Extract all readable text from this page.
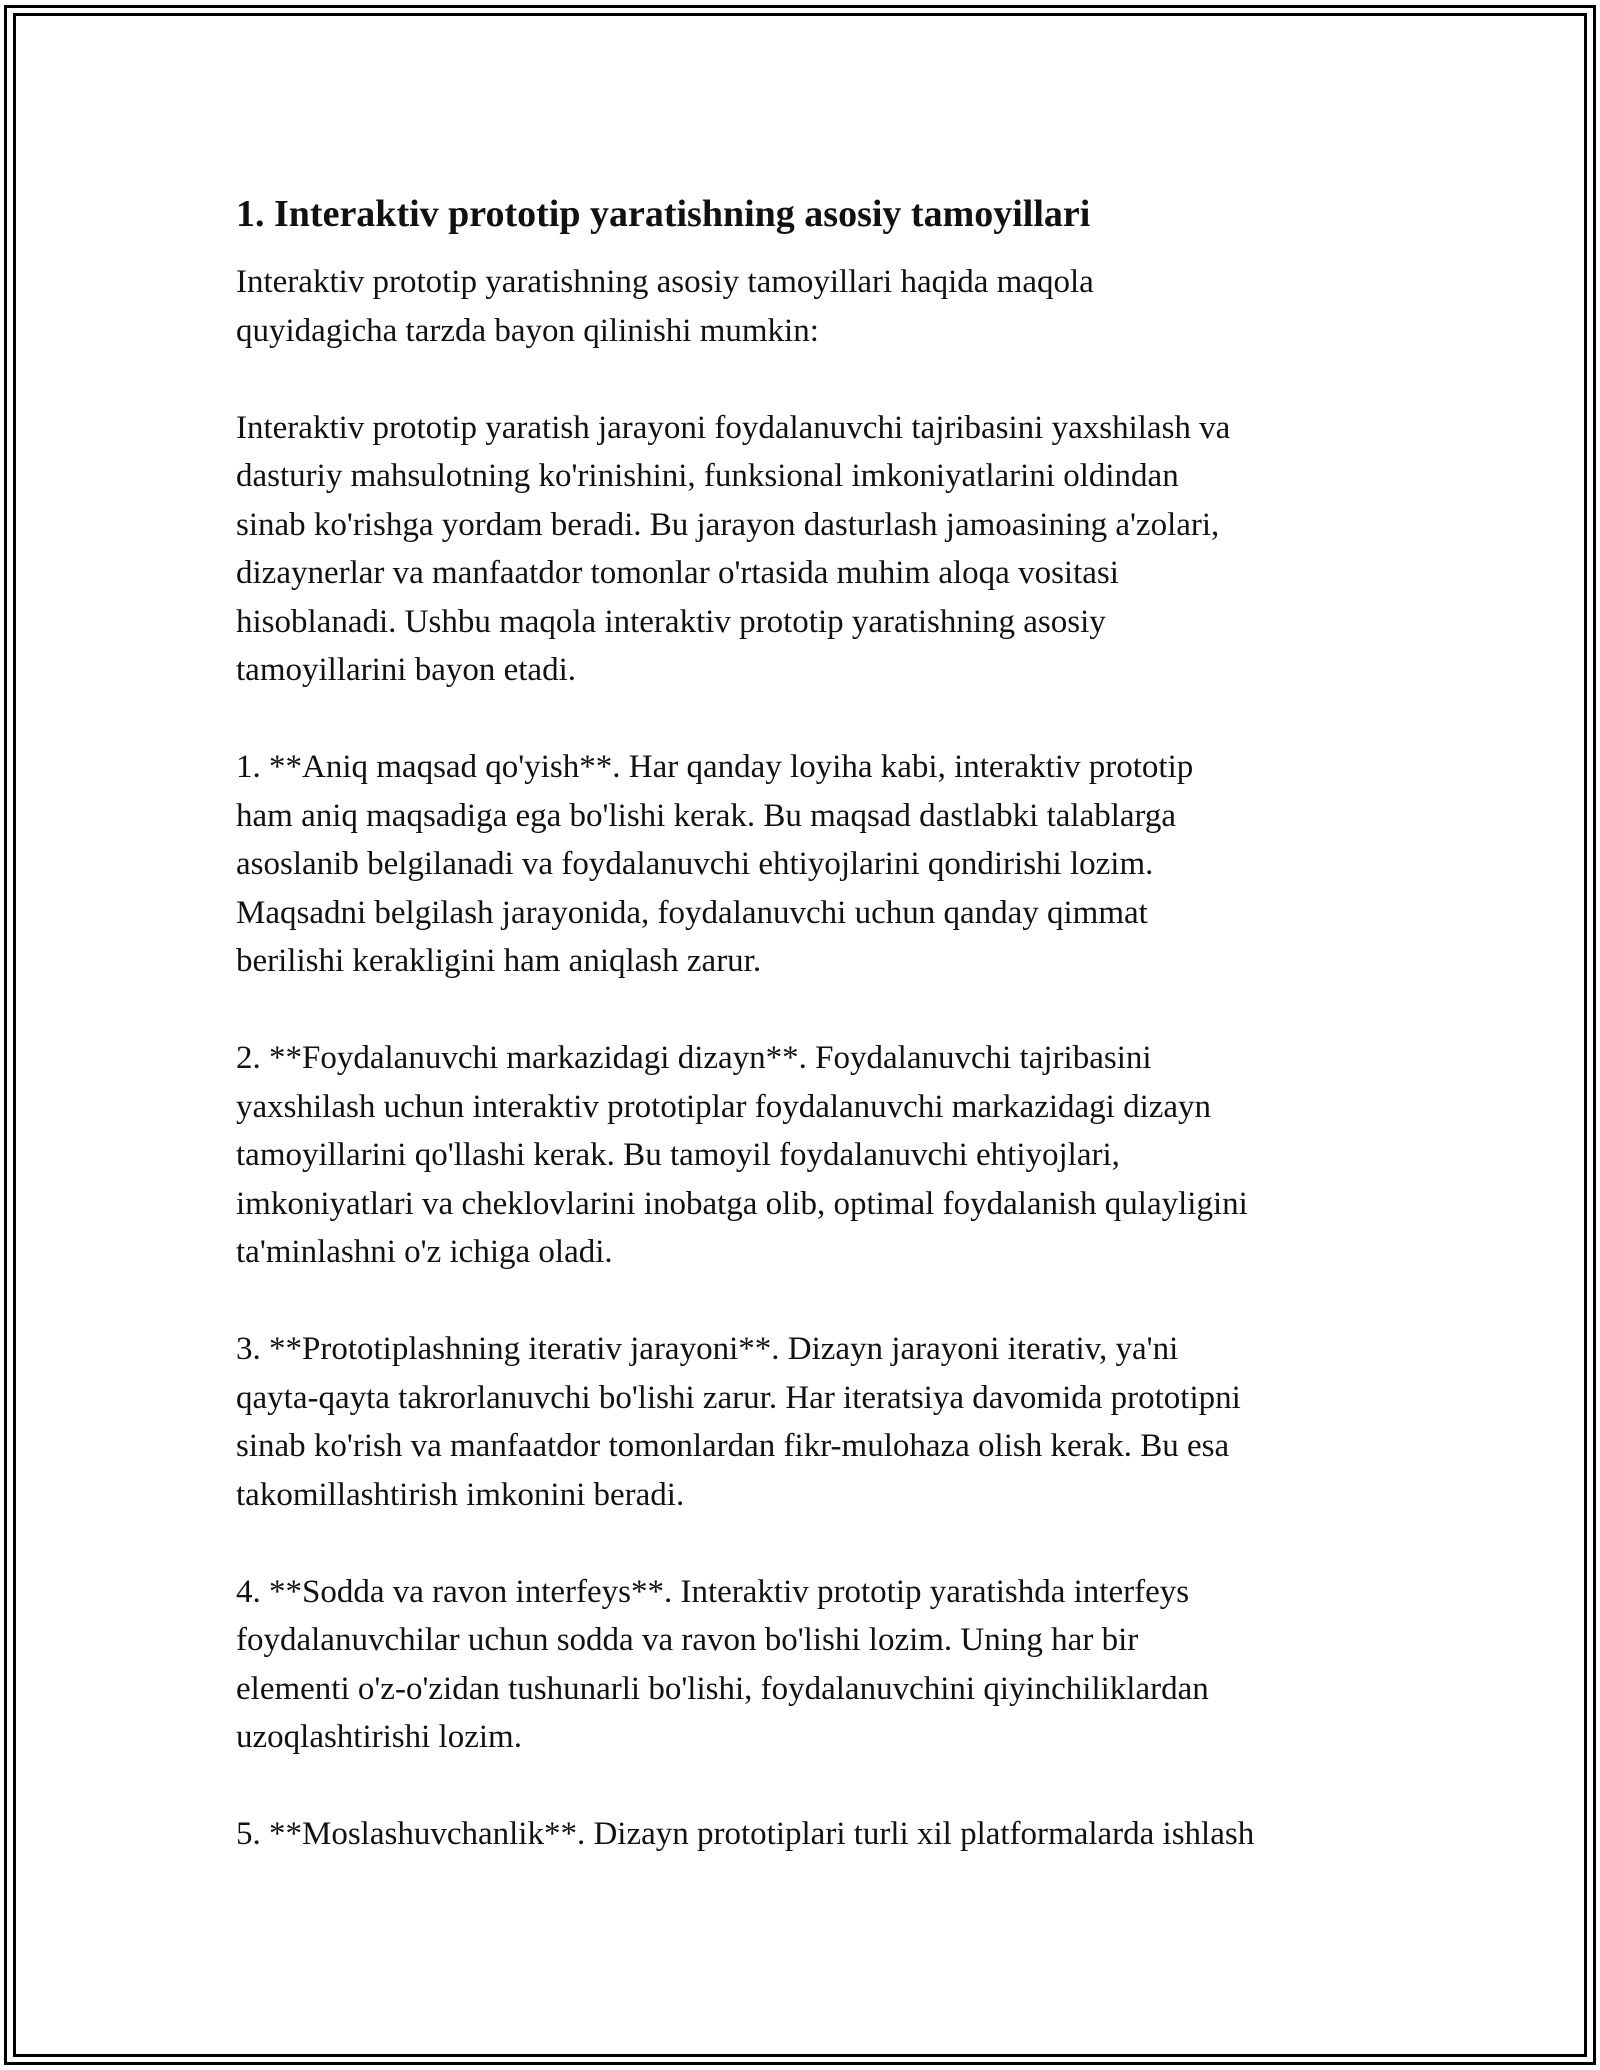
1. Interaktiv prototip yaratishning asosiy tamoyillari

Interaktiv prototip yaratishning asosiy tamoyillari haqida maqola
quyidagicha tarzda bayon qilinishi mumkin:

Interaktiv prototip yaratish jarayoni foydalanuvchi tajribasini yaxshilash va
dasturiy mahsulotning ko'rinishini, funksional imkoniyatlarini oldindan
sinab ko'rishga yordam beradi. Bu jarayon dasturlash jamoasining a'zolari,
dizaynerlar va manfaatdor tomonlar o'rtasida muhim aloqa vositasi
hisoblanadi. Ushbu maqola interaktiv prototip yaratishning asosiy
tamoyillarini bayon etadi.

1. **Aniq maqsad qo'yish**. Har qanday loyiha kabi, interaktiv prototip
ham aniq maqsadiga ega bo'lishi kerak. Bu maqsad dastlabki talablarga
asoslanib belgilanadi va foydalanuvchi ehtiyojlarini qondirishi lozim.
Maqsadni belgilash jarayonida, foydalanuvchi uchun qanday qimmat
berilishi kerakligini ham aniqlash zarur.

2. **Foydalanuvchi markazidagi dizayn**. Foydalanuvchi tajribasini
yaxshilash uchun interaktiv prototiplar foydalanuvchi markazidagi dizayn
tamoyillarini qo'llashi kerak. Bu tamoyil foydalanuvchi ehtiyojlari,
imkoniyatlari va cheklovlarini inobatga olib, optimal foydalanish qulayligini
ta'minlashni o'z ichiga oladi.

3. **Prototiplashning iterativ jarayoni**. Dizayn jarayoni iterativ, ya'ni
qayta-qayta takrorlanuvchi bo'lishi zarur. Har iteratsiya davomida prototipni
sinab ko'rish va manfaatdor tomonlardan fikr-mulohaza olish kerak. Bu esa
takomillashtirish imkonini beradi.

4. **Sodda va ravon interfeys**. Interaktiv prototip yaratishda interfeys
foydalanuvchilar uchun sodda va ravon bo'lishi lozim. Uning har bir
elementi o'z-o'zidan tushunarli bo'lishi, foydalanuvchini qiyinchiliklardan
uzoqlashtirishi lozim.

5. **Moslashuvchanlik**. Dizayn prototiplari turli xil platformalarda ishlash
